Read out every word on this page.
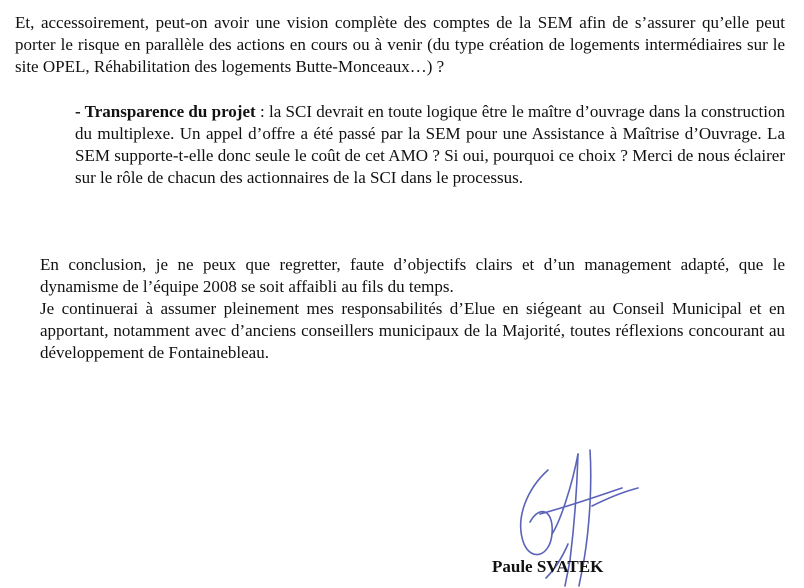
Et, accessoirement, peut-on avoir une vision complète des comptes de la SEM afin de s’assurer qu’elle peut porter le risque en parallèle des actions en cours ou à venir (du type création de logements intermédiaires sur le site OPEL, Réhabilitation des logements Butte-Monceaux…) ?

- Transparence du projet : la SCI devrait en toute logique être le maître d’ouvrage dans la construction du multiplexe. Un appel d’offre a été passé par la SEM pour une Assistance à Maîtrise d’Ouvrage. La SEM supporte-t-elle donc seule le coût de cet AMO ? Si oui, pourquoi ce choix ? Merci de nous éclairer sur le rôle de chacun des actionnaires de la SCI dans le processus.

En conclusion, je ne peux que regretter, faute d’objectifs clairs et d’un management adapté, que le dynamisme de l’équipe 2008 se soit affaibli au fils du temps.
Je continuerai à assumer pleinement mes responsabilités d’Elue en siégeant au Conseil Municipal et en apportant, notamment avec d’anciens conseillers municipaux de la Majorité, toutes réflexions concourant au développement de Fontainebleau.

Paule SVATEK
